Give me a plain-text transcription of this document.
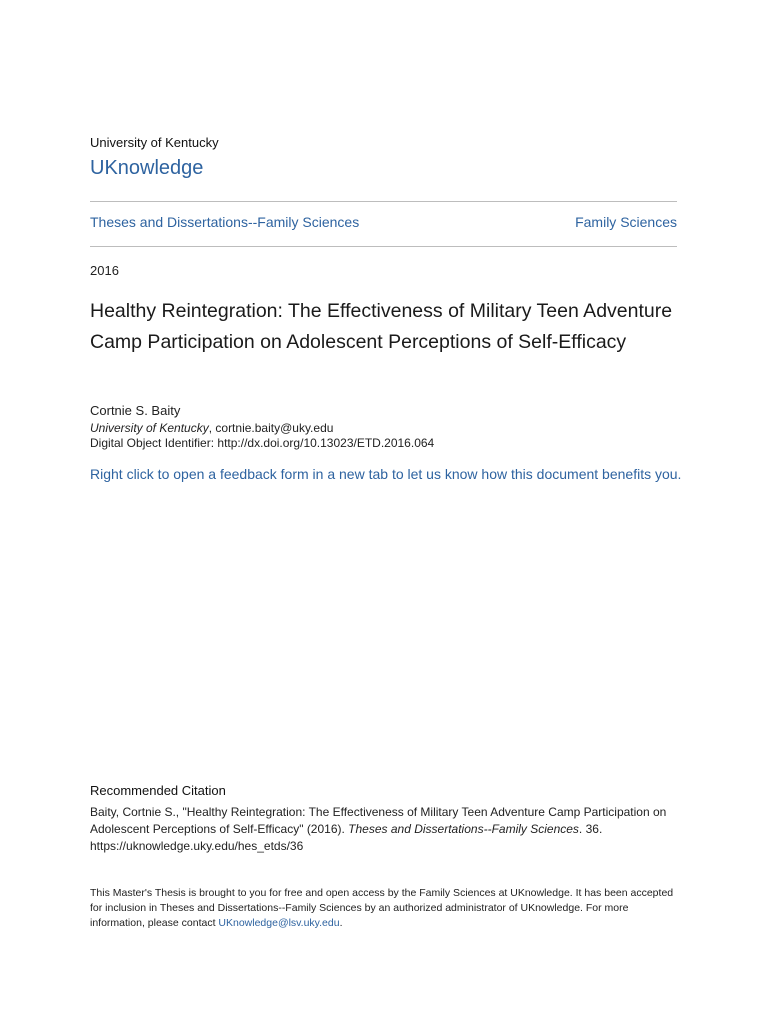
University of Kentucky
UKnowledge
Theses and Dissertations--Family Sciences	Family Sciences
2016
Healthy Reintegration: The Effectiveness of Military Teen Adventure Camp Participation on Adolescent Perceptions of Self-Efficacy
Cortnie S. Baity
University of Kentucky, cortnie.baity@uky.edu
Digital Object Identifier: http://dx.doi.org/10.13023/ETD.2016.064
Right click to open a feedback form in a new tab to let us know how this document benefits you.
Recommended Citation
Baity, Cortnie S., "Healthy Reintegration: The Effectiveness of Military Teen Adventure Camp Participation on Adolescent Perceptions of Self-Efficacy" (2016). Theses and Dissertations--Family Sciences. 36.
https://uknowledge.uky.edu/hes_etds/36
This Master's Thesis is brought to you for free and open access by the Family Sciences at UKnowledge. It has been accepted for inclusion in Theses and Dissertations--Family Sciences by an authorized administrator of UKnowledge. For more information, please contact UKnowledge@lsv.uky.edu.
